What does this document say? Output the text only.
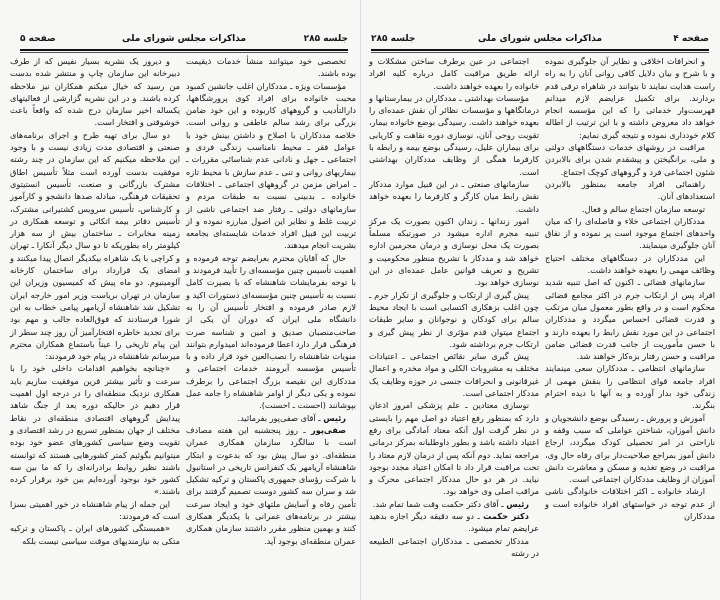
صفحه ۵	جلسه ۲۸۵
مذاکرات مجلس شورای ملی

تخصصی خود میتوانند منشأ خدمات ذیقیمت بوده باشند.

مؤسسات ویژه ـ مددکاران اغلب جانشین کمبود محبت خانواده برای افراد کوی پرورشگاهها، دارالتأدیب و گروههای کاربوده و این خود ضامن بزرگی برای رشد سالم عاطفی و روانی است. خلاصه مددکاران با اصلاح و داشتن بینش خود با عوامل فقر ـ محیط نامناسب زندگی فردی و اجتماعی ـ جهل و نادانی عدم شناسائی مقررات ـ بیماریهای روانی و تنی ـ عدم سازش با محیط تازه ـ امراض مزمن در گروههای اجتماعی ـ اختلافات خانواده ـ بدبینی نسبت به طبقات مردم و سازمانهای دولتی ـ رفتار ضد اجتماعی ناشی از تربیت غلط و نظایر این اصول مبارزه نموده و از تربیت این قبیل افراد خدمات شایسته‌ای بجامعه بشریت انجام میدهند.

حال که آقایان محترم بعرایضم توجه فرموده و اهمیت تأسیس چنین مؤسسه‌ای را تأیید فرمودند و با توجه بفرمایشات شاهنشاه که با بصیرت کامل نسبت به تأسیس چنین مؤسسه‌ای دستورات اکید و لازم صادر فرموده و افتخار تأسیس آن را به دانشگاه ملی ایران که دوران آن یکی از صاحب‌منصبان صدیق و امین و شناسه صرت فرهنگی قرار دارد اعطا فرموده‌اند امیدوارم بتوانند منویات شاهنشاه را نصب‌العین خود قرار داده و با تأسیس مؤسسه آبرومند خدمات اجتماعی و مددکاری این نقیصه بزرگ اجتماعی را برطرف نموده و یکی دیگر از اوامر شاهنشاه را جامه عمل بپوشانند (احسنت ـ احسنت).

رئیس ـ آقای صفی‌پور بفرمائید.

صفی‌پور ـ روز پنجشنبه این هفته مصادف است با سالگرد سازمان همکاری عمران منطقه‌ای. دو سال پیش بود که بدعوت و ابتکار شاهنشاه آریامهر یک کنفرانس تاریخی در استانبول با شرکت رؤسای جمهوری پاکستان و ترکیه تشکیل شد و سران سه کشور دوست تصمیم گرفتند برای تأمین رفاه و آسایش ملتهای خود و ایجاد سرعت بیشتر در برنامه‌های عمرانی با یکدیگر همکاری کنند و بهمین منظور مقرر داشتند سازمان همکاری عمران منطقه‌ای بوجود آید.

و دیروز یک نشریه بسیار نفیس که از طرف دبیرخانه این سازمان چاپ و منتشر شده بدست من رسید که خیال میکنم همکاران نیز ملاحظه کرده باشند. و در این نشریه گزارشی از فعالیتهای یکساله اخیر سازمان درج شده که واقعاً باعث خوشوقتی و افتخار است.

دو سال برای تهیه طرح و اجرای برنامه‌های صنعتی و اقتصادی مدت زیادی نیست و با وجود این ملاحظه میکنیم که این سازمان در چند رشته موفقیت بدست آورده است مثلاً تأسیس اطاق مشترک بازرگانی و صنعت، تأسیس انستیتوی تحقیقات فرهنگی، مبادله صدها دانشجو و کارآموز و کارشناس، تأسیس سرویس کشتیرانی مشترک، تأسیس دفاتر بیمه اتکائی و توسعه همکاری در زمینه مخابرات ـ ساختمان بیش از سه هزار کیلومتر راه بطوریکه تا دو سال دیگر آنکارا ـ تهران و کراچی با یک شاهراه بیکدیگر اتصال پیدا میکنند و امضای یک قرارداد برای ساختمان کارخانه آلومینیوم. دو ماه پیش که کمیسیون وزیران این سازمان در تهران بریاست وزیر امور خارجه ایران تشکیل شد شاهنشاه آریامهر پیامی خطاب به این شورا فرستادند که فوق‌العاده جالب و مهم بود برای تجدید خاطره افتخارآمیز آن روز چند سطر از این پیام تاریخی را عیناً باستماع همکاران محترم میرسانم شاهنشاه در پیام خود فرمودند:

«چنانچه بخواهیم اقدامات داخلی خود را با سرعت و تأثیر بیشتر قرین موفقیت سازیم باید همکاری نزدیک منطقه‌ای را در درجه اول اهمیت قرار دهیم در حالیکه دوره بعد از جنگ شاهد پیدایش گروههای اقتصادی منطقه‌ای در نقاط مختلف از جهان بمنظور تسریع در رشد اقتصادی و تقویت وضع سیاسی کشورهای عضو خود بوده میتوانیم بگوئیم کمتر کشورهایی هستند که توانسته باشند نظیر روابط برادرانه‌ای را که ما بین سه کشور خود بوجود آورده‌ایم بین خود برقرار کرده باشند.»

این جمله از پیام شاهنشاه در خور اهمیتی بسزا است که فرمودند:

«همبستگی کشورهای ایران ـ پاکستان و ترکیه متکی به نیازمندیهای موقت سیاسی نیست بلکه

صفحه ۴
جلسه ۲۸۵	مذاکرات مجلس شورای ملی

و انحرافات اخلاقی و نظایر آن جلوگیری نموده و با شرح و بیان دلایل کافی روانی آنان را به راه راست هدایت نمایند تا بتوانند در شاهراه ترقی قدم بردارند. برای تکمیل عرایضم لازم میدانم فهرست‌وار خدماتی را که این مؤسسه انجام خواهد داد معروض داشته و با این ترتیب از اطاله کلام خودداری نموده و نتیجه گیری نمایم:

مراقبت در روشهای خدمات دستگاههای دولتی و ملی، برانگیختن و پیشقدم شدن برای بالابردن شئون اجتماعی فرد و گروههای کوچک اجتماع.

راهنمائی افراد جامعه بمنظور بالابردن استعدادهای آنان.

توسعه سازمان اجتماع سالم و فعال.

مددکاران اجتماعی خلاء و فاصله‌ای را که میان واحدهای اجتماع موجود است پر نموده و از نفاق آنان جلوگیری مینمایند.

این مددکاران در دستگاههای مختلف احتیاج وظائف مهمی را بعهده خواهند داشت.

سازمانهای قضائی ـ اکنون که اصل تنبیه شدید افراد پس از ارتکاب جرم در اکثر مجامع قضائی محکوم است و در واقع بطور معمول میان مرتکب و قدرت قضائی احساس میگردد و مددکاران اجتماعی در این مورد نقش رابط را بعهده دارند و با حسن مأموریت از جانب قدرت قضائی ضامن مراقبت و حسن رفتار بزه‌کار خواهند شد.

سازمانهای انتظامی ـ مددکاران سعی مینمایند افراد جامعه قوای انتظامی را بنقش مهمی از زندگی خود بدار آورده و به آنها با دیده احترام بنگرند.

آموزش و پرورش ـ رسیدگی بوضع دانشجویان و دانش آموزان، شناختن عواملی که سبب وقفه و ناراحتی در امر تحصیلی کودک میگردد، ارجاع دانش آموز بمراجع صلاحیت‌دار برای رفاه حال وی، مراقبت در وضع تغذیه و مسکن و معاشرت دانش آموزان از وظایف مددکاران اجتماعی است.

ارشاد خانواده ـ اکثر اختلافات خانوادگی ناشی از عدم توجه در خواستهای افراد خانواده است و مددکاران

اجتماعی در عین برطرف ساختن مشکلات و ارائه طریق مراقبت کامل درباره کلیه افراد خانواده را بعهده خواهند داشت.

مؤسسات بهداشتی ـ مددکاران در بیمارستانها و درمانگاهها و مؤسسات نظائر آن نقش عمده‌ای را بعهده خواهند داشت. رسیدگی بوضع خانواده بیمار، تقویت روحی آنان، نوسازی دوره نقاهت و کاریابی برای بیماران علیل، رسیدگی بوضع بیمه و رابطه با کارفرما همگی از وظایف مددکاران بهداشتی است.

سازمانهای صنعتی ـ در این قبیل موارد مددکار نقش رابط میان کارگر و کارفرما را بعهده خواهد داشت.

امور زندانها ـ زندان اکنون بصورت یک مرکز تنبیه مجرم اداره میشود در صورتیکه مسلماً بصورت یک محل نوسازی و درمان مجرمین اداره خواهد شد و مددکار با تشریح منظور محکومیت و تشریح و تعریف قوانین عامل عمده‌ای در این نوسازی خواهد بود.

پیش گیری از ارتکاب و جلوگیری از تکرار جرم ـ چون اغلب بزهکاری اکتسابی است با ایجاد محیط سالم برای کودکان و نوجوانان و سایر طبقات اجتماع میتوان قدم مؤثری از نظر پیش گیری و ارتکاب جرم برداشته شود.

پیش گیری سایر نقائص اجتماعی ـ اعتیادات مختلف به مشروبات الکلی و مواد مخدره و اعمال غیرقانونی و انحرافات جنسی در حوزه وظایف یک مددکار اجتماعی است.

نوسازی معتادین ـ علم پزشکی امروز اذعان دارد که بمنظور رفع اعتیاد دو اصل مهم را بایستی در نظر گرفت اول آنکه معتاد آمادگی برای رفع اعتیاد داشته باشد و بطور داوطلبانه بمرکز درمانی مراجعه نماید. دوم آنکه پس از درمان لازم معتاد را تحت مراقبت قرار داد تا امکان اعتیاد مجدد بوجود نیاید. در هر دو حال مددکار اجتماعی محرک و مراقب اصلی وی خواهد بود.

رئیس ـ آقای دکتر حکمت وقت شما تمام شد.

دکتر حکمت ـ دو سه دقیقه دیگر اجازه بدهید عرایضم تمام میشود.

مددکار تخصصی ـ مددکاران اجتماعی الطبیعه در رشته
